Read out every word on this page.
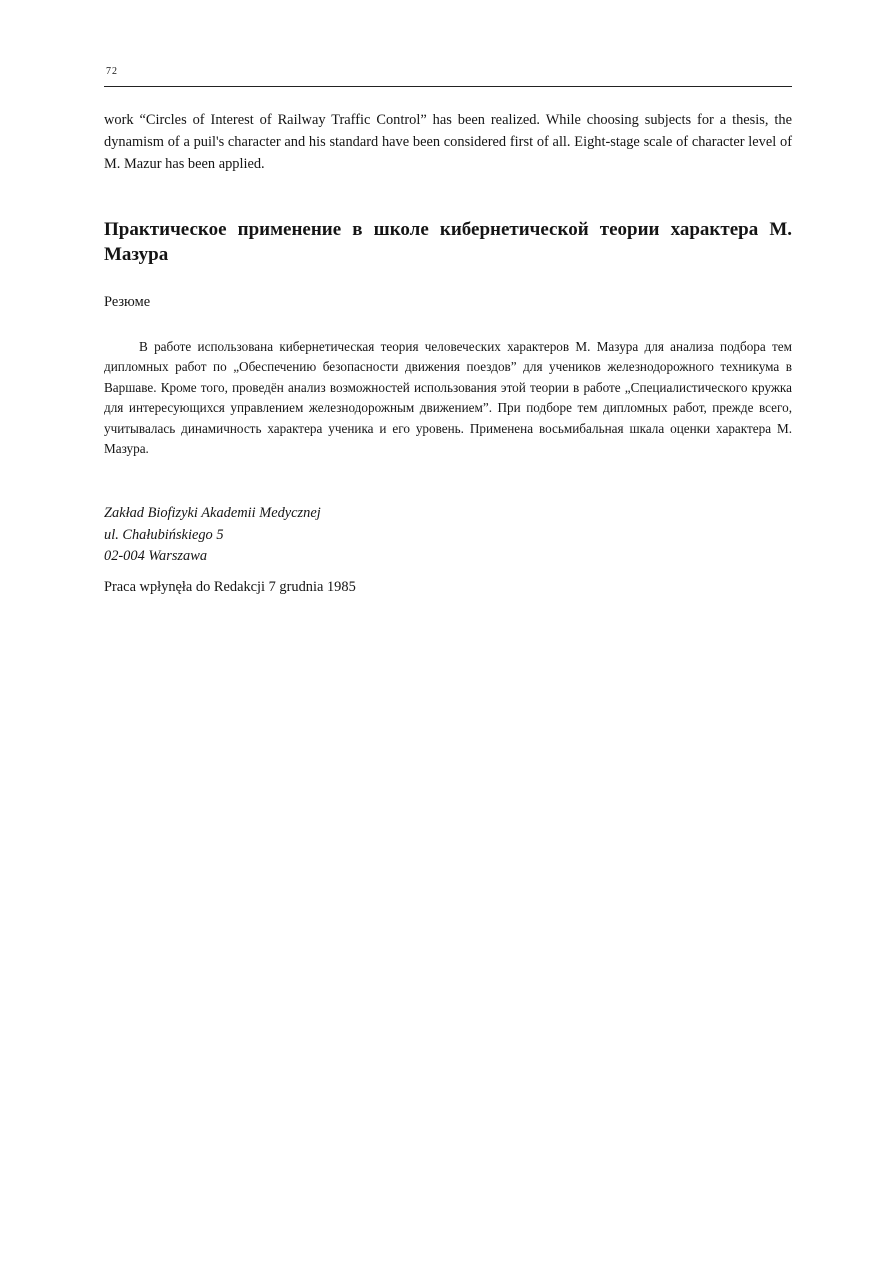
72

work “Circles of Interest of Railway Traffic Control” has been realized. While choosing subjects for a thesis, the dynamism of a puil's character and his standard have been considered first of all. Eight-stage scale of character level of M. Mazur has been applied.

Практическое применение в школе кибернетической теории характера М. Мазура

Резюме

В работе использована кибернетическая теория человеческих характеров М. Мазура для анализа подбора тем дипломных работ по „Обеспечению безопасности движения поездов” для учеников железнодорожного техникума в Варшаве. Кроме того, проведён анализ возможностей использования этой теории в работе „Специалистического кружка для интересующихся управлением железнодорожным движением”. При подборе тем дипломных работ, прежде всего, учитывалась динамичность характера ученика и его уровень. Применена восьмибальная шкала оценки характера М. Мазура.

Zakład Biofizyki Akademii Medycznej
ul. Chałubińskiego 5
02-004 Warszawa

Praca wpłynęła do Redakcji 7 grudnia 1985
